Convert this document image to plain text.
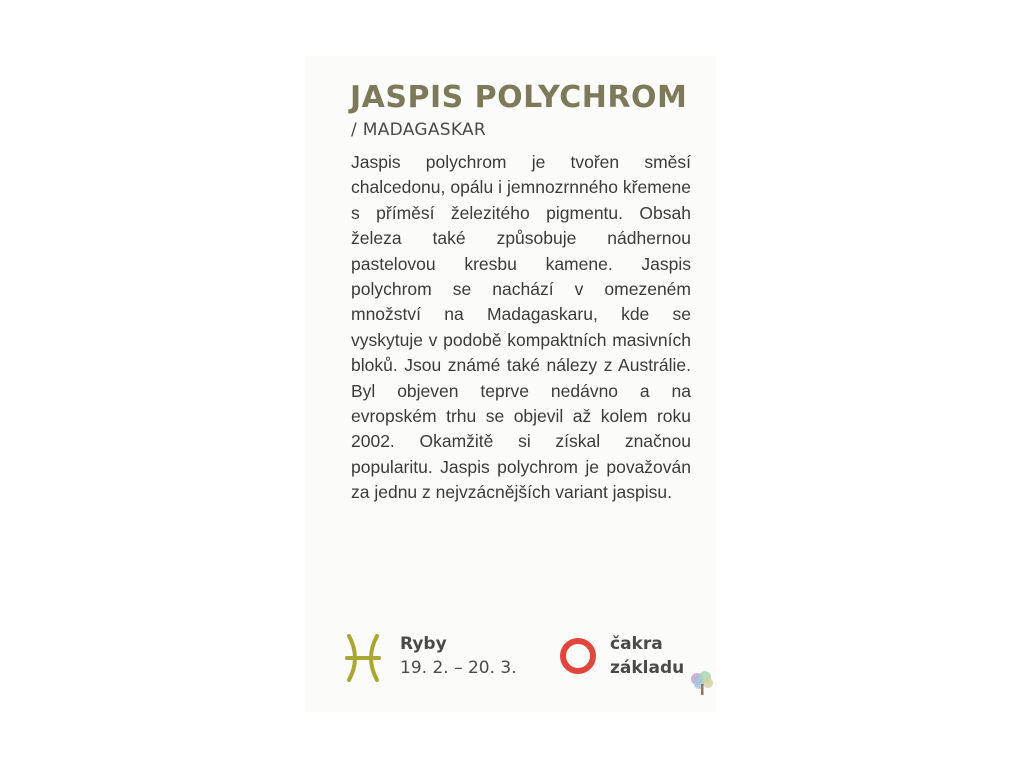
JASPIS POLYCHROM
/ MADAGASKAR

Jaspis polychrom je tvořen směsí chalcedonu, opálu i jemnozrnného křemene s příměsí železitého pigmentu. Obsah železa také způsobuje nádhernou pastelovou kresbu kamene. Jaspis polychrom se nachází v omezeném množství na Madagaskaru, kde se vyskytuje v podobě kompaktních masivních bloků. Jsou známé také nálezy z Austrálie. Byl objeven teprve nedávno a na evropském trhu se objevil až kolem roku 2002. Okamžitě si získal značnou popularitu. Jaspis polychrom je považován za jednu z nejvzácnějších variant jaspisu.

Ryby
19. 2. – 20. 3.
čakra
základu
